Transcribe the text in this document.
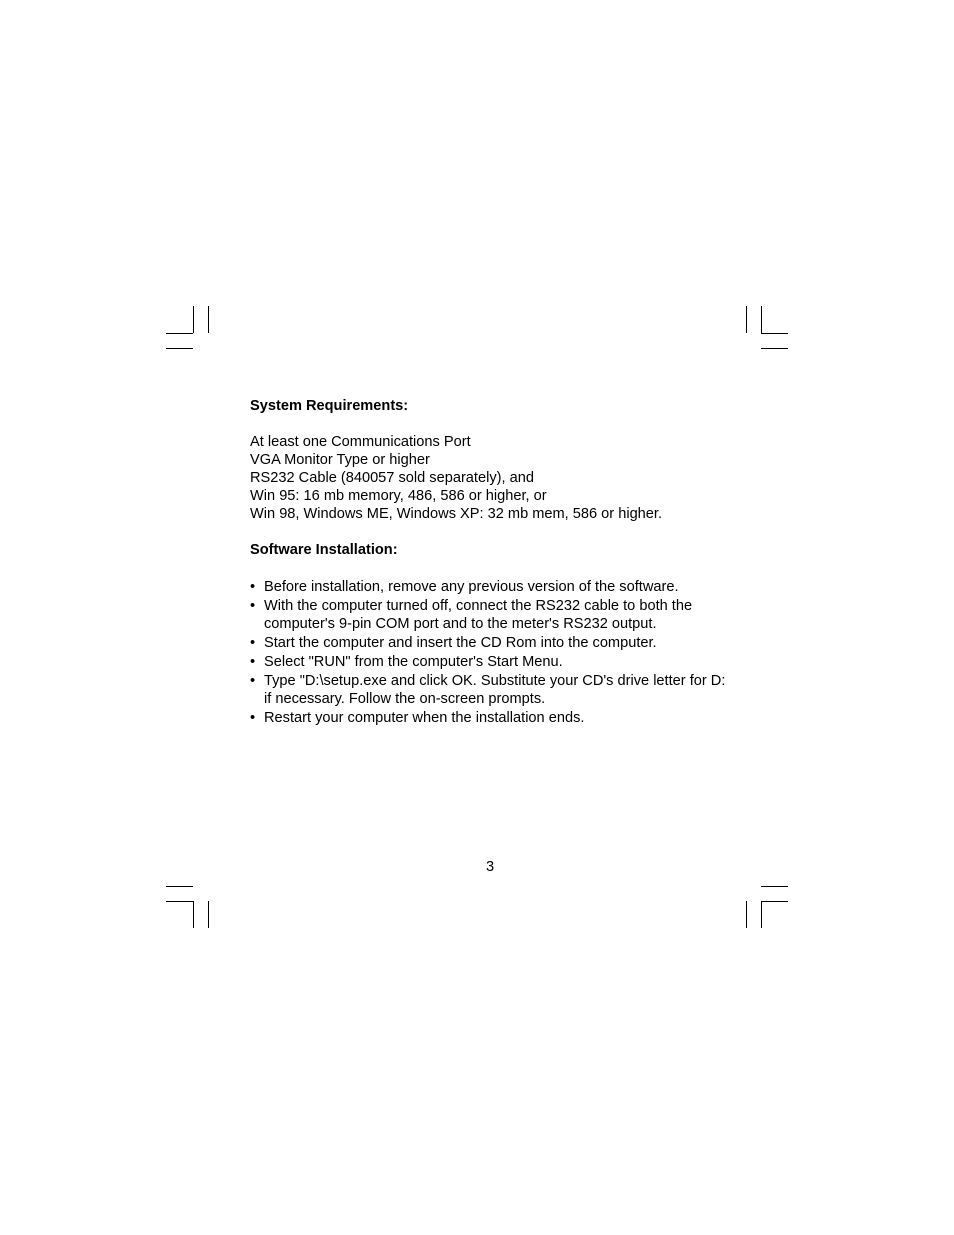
System Requirements:

At least one Communications Port
VGA Monitor Type or higher
RS232 Cable (840057 sold separately), and
Win 95: 16 mb memory, 486, 586 or higher, or
Win 98, Windows ME, Windows XP: 32 mb mem, 586 or higher.

Software Installation:

• Before installation, remove any previous version of the software.
• With the computer turned off, connect the RS232 cable to both the computer's 9-pin COM port and to the meter's RS232 output.
• Start the computer and insert the CD Rom into the computer.
• Select "RUN" from the computer's Start Menu.
• Type "D:\setup.exe and click OK. Substitute your CD's drive letter for D: if necessary. Follow the on-screen prompts.
• Restart your computer when the installation ends.
3
